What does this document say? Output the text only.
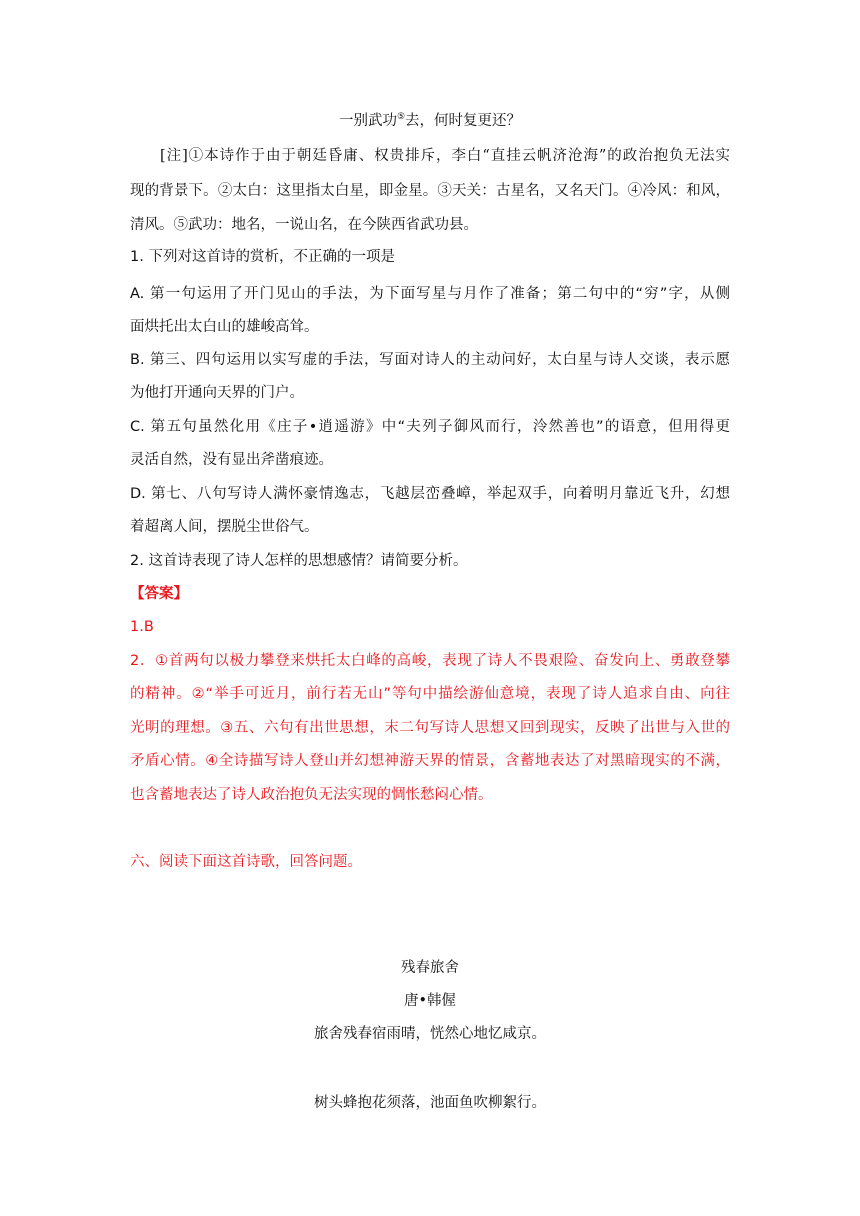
一别武功⑤去，何时复更还？
[注]①本诗作于由于朝廷昏庸、权贵排斥，李白“直挂云帆济沧海”的政治抱负无法实
现的背景下。②太白：这里指太白星，即金星。③天关：古星名，又名天门。④冷风：和风，
清风。⑤武功：地名，一说山名，在今陕西省武功县。
1. 下列对这首诗的赏析，不正确的一项是
A. 第一句运用了开门见山的手法，为下面写星与月作了准备；第二句中的“穷”字，从侧
面烘托出太白山的雄峻高耸。
B. 第三、四句运用以实写虚的手法，写面对诗人的主动问好，太白星与诗人交谈，表示愿
为他打开通向天界的门户。
C. 第五句虽然化用《庄子•逍遥游》中“夫列子御风而行，泠然善也”的语意，但用得更
灵活自然，没有显出斧凿痕迹。
D. 第七、八句写诗人满怀豪情逸志，飞越层峦叠嶂，举起双手，向着明月靠近飞升，幻想
着超离人间，摆脱尘世俗气。
2. 这首诗表现了诗人怎样的思想感情？请简要分析。
【答案】
1.B
2．①首两句以极力攀登来烘托太白峰的高峻，表现了诗人不畏艰险、奋发向上、勇敢登攀
的精神。②“举手可近月，前行若无山”等句中描绘游仙意境，表现了诗人追求自由、向往
光明的理想。③五、六句有出世思想，末二句写诗人思想又回到现实，反映了出世与入世的
矛盾心情。④全诗描写诗人登山并幻想神游天界的情景，含蓄地表达了对黑暗现实的不满，
也含蓄地表达了诗人政治抱负无法实现的惆怅愁闷心情。
六、阅读下面这首诗歌，回答问题。
残春旅舍
唐•韩偓
旅舍残春宿雨晴，恍然心地忆咸京。
树头蜂抱花须落，池面鱼吹柳絮行。
